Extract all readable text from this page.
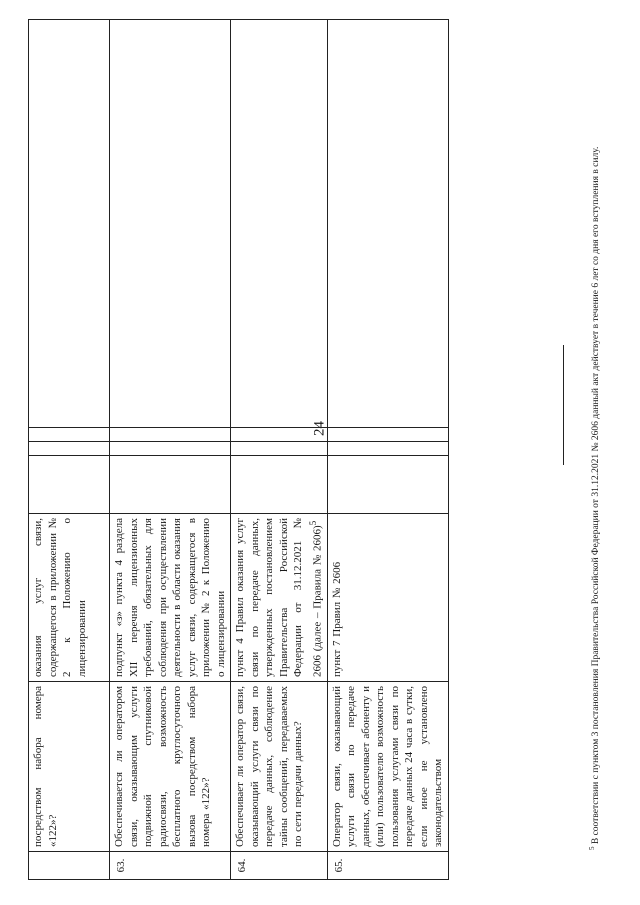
24
	посредством набора номера «122»?	оказания услуг связи, содержащегося в приложении № 2 к Положению о лицензировании				
63.	Обеспечивается ли оператором связи, оказывающим услуги подвижной спутниковой радиосвязи, возможность бесплатного круглосуточного вызова посредством набора номера «122»?	подпункт «з» пункта 4 раздела XII перечня лицензионных требований, обязательных для соблюдения при осуществлении деятельности в области оказания услуг связи, содержащегося в приложении № 2 к Положению о лицензировании				
64.	Обеспечивает ли оператор связи, оказывающий услуги связи по передаче данных, соблюдение тайны сообщений, передаваемых по сети передачи данных?	пункт 4 Правил оказания услуг связи по передаче данных, утвержденных постановлением Правительства Российской Федерации от 31.12.2021 № 2606 (далее – Правила № 2606)$^5$				
65.	Оператор связи, оказывающий услуги связи по передаче данных, обеспечивает абоненту и (или) пользователю возможность пользования услугами связи по передаче данных 24 часа в сутки, если иное не установлено законодательством	пункт 7 Правил № 2606				
$^5$ В соответствии с пунктом 3 постановления Правительства Российской Федерации от 31.12.2021 № 2606 данный акт действует в течение 6 лет со дня его вступления в силу.
